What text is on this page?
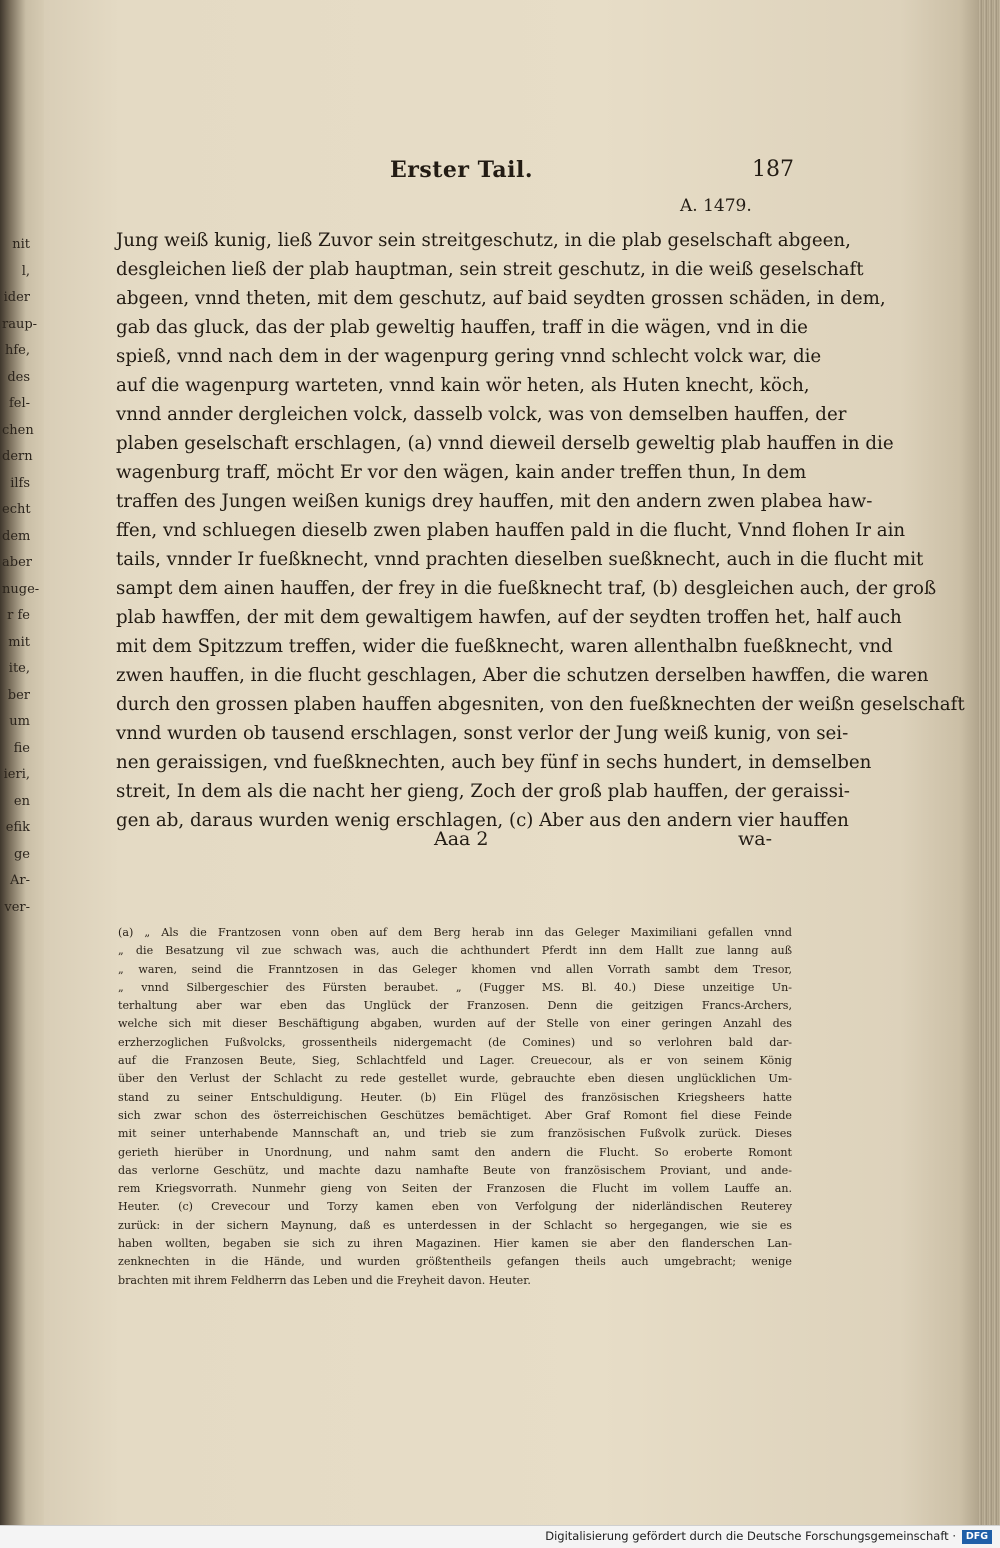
nit
l,
ider
raup-
hfe,
des
fel-
chen
dern
ilfs
echt
dem
aber
nuge-
r fe
mit
ite,
ber
um
fie
ieri,
en
efik
ge
Ar-
ver-
Erster Tail.	187
A. 1479.
Jung weiß kunig, ließ Zuvor sein streitgeschutz, in die plab geselschaft abgeen,
desgleichen ließ der plab hauptman, sein streit geschutz, in die weiß geselschaft
abgeen, vnnd theten, mit dem geschutz, auf baid seydten grossen schäden, in dem,
gab das gluck, das der plab geweltig hauffen, traff in die wägen, vnd in die
spieß, vnnd nach dem in der wagenpurg gering vnnd schlecht volck war, die
auf die wagenpurg warteten, vnnd kain wör heten, als Huten knecht, köch,
vnnd annder dergleichen volck, dasselb volck, was von demselben hauffen, der
plaben geselschaft erschlagen, (a) vnnd dieweil derselb geweltig plab hauffen in die
wagenburg traff, möcht Er vor den wägen, kain ander treffen thun, In dem
traffen des Jungen weißen kunigs drey hauffen, mit den andern zwen plabea haw-
ffen, vnd schluegen dieselb zwen plaben hauffen pald in die flucht, Vnnd flohen Ir ain
tails, vnnder Ir fueßknecht, vnnd prachten dieselben sueßknecht, auch in die flucht mit
sampt dem ainen hauffen, der frey in die fueßknecht traf, (b) desgleichen auch, der groß
plab hawffen, der mit dem gewaltigem hawfen, auf der seydten troffen het, half auch
mit dem Spitzzum treffen, wider die fueßknecht, waren allenthalbn fueßknecht, vnd
zwen hauffen, in die flucht geschlagen, Aber die schutzen derselben hawffen, die waren
durch den grossen plaben hauffen abgesniten, von den fueßknechten der weißn geselschaft
vnnd wurden ob tausend erschlagen, sonst verlor der Jung weiß kunig, von sei-
nen geraissigen, vnd fueßknechten, auch bey fünf in sechs hundert, in demselben
streit, In dem als die nacht her gieng, Zoch der groß plab hauffen, der geraissi-
gen ab, daraus wurden wenig erschlagen, (c) Aber aus den andern vier hauffen
Aaa 2	wa-
(a) „ Als die Frantzosen vonn oben auf dem Berg herab inn das Geleger Maximiliani gefallen vnnd
„ die Besatzung vil zue schwach was, auch die achthundert Pferdt inn dem Hallt zue lanng auß
„ waren, seind die Franntzosen in das Geleger khomen vnd allen Vorrath sambt dem Tresor,
„ vnnd Silbergeschier des Fürsten beraubet. „ (Fugger MS. Bl. 40.) Diese unzeitige Un-
terhaltung aber war eben das Unglück der Franzosen. Denn die geitzigen Francs-Archers,
welche sich mit dieser Beschäftigung abgaben, wurden auf der Stelle von einer geringen Anzahl des
erzherzoglichen Fußvolcks, grossentheils nidergemacht (de Comines) und so verlohren bald dar-
auf die Franzosen Beute, Sieg, Schlachtfeld und Lager. Creuecour, als er von seinem König
über den Verlust der Schlacht zu rede gestellet wurde, gebrauchte eben diesen unglücklichen Um-
stand zu seiner Entschuldigung. Heuter. (b) Ein Flügel des französischen Kriegsheers hatte
sich zwar schon des österreichischen Geschützes bemächtiget. Aber Graf Romont fiel diese Feinde
mit seiner unterhabende Mannschaft an, und trieb sie zum französischen Fußvolk zurück. Dieses
gerieth hierüber in Unordnung, und nahm samt den andern die Flucht. So eroberte Romont
das verlorne Geschütz, und machte dazu namhafte Beute von französischem Proviant, und ande-
rem Kriegsvorrath. Nunmehr gieng von Seiten der Franzosen die Flucht im vollem Lauffe an.
Heuter. (c) Crevecour und Torzy kamen eben von Verfolgung der niderländischen Reuterey
zurück: in der sichern Maynung, daß es unterdessen in der Schlacht so hergegangen, wie sie es
haben wollten, begaben sie sich zu ihren Magazinen. Hier kamen sie aber den flanderschen Lan-
zenknechten in die Hände, und wurden größtentheils gefangen theils auch umgebracht; wenige
brachten mit ihrem Feldherrn das Leben und die Freyheit davon. Heuter.
Digitalisierung gefördert durch die Deutsche Forschungsgemeinschaft ·	DFG
